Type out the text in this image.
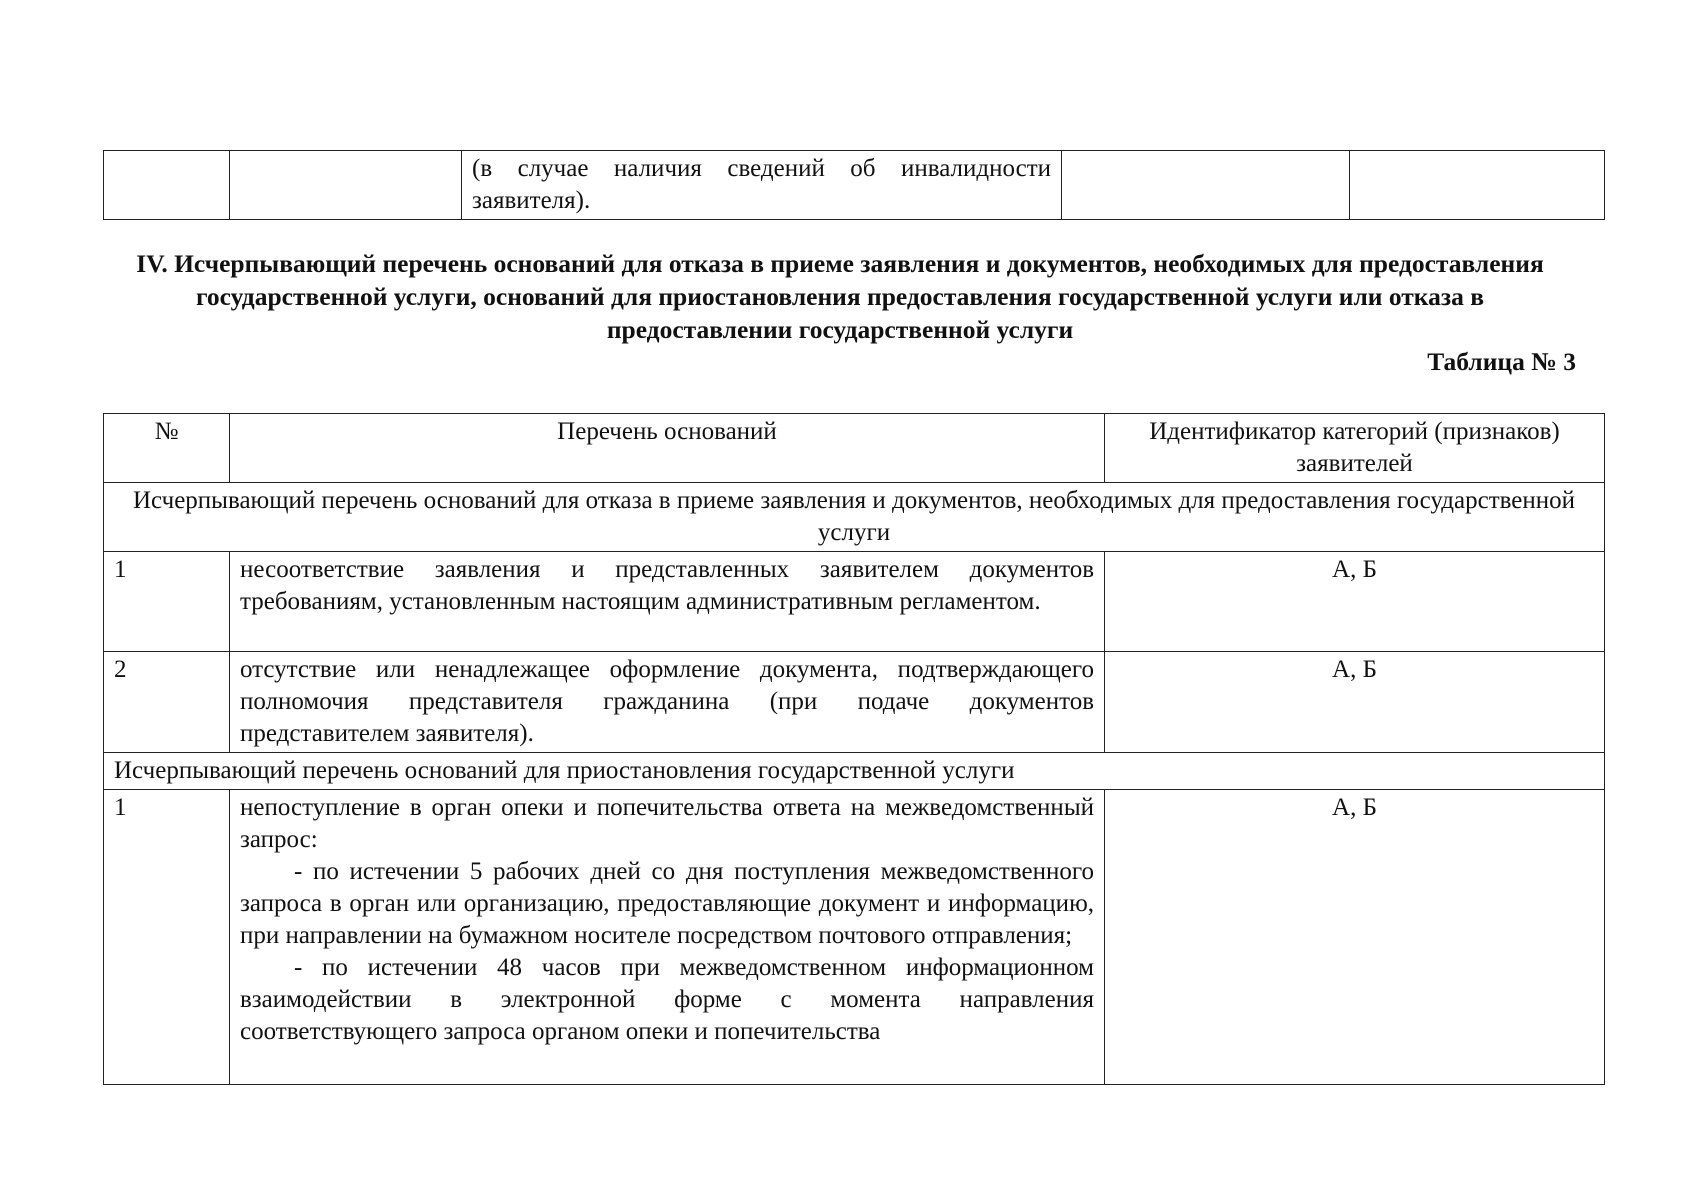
		(в случае наличия сведений об инвалидности заявителя).		
IV. Исчерпывающий перечень оснований для отказа в приеме заявления и документов, необходимых для предоставления государственной услуги, оснований для приостановления предоставления государственной услуги или отказа в предоставлении государственной услуги
Таблица № 3
№	Перечень оснований	Идентификатор категорий (признаков) заявителей
Исчерпывающий перечень оснований для отказа в приеме заявления и документов, необходимых для предоставления государственной услуги		
1	несоответствие заявления и представленных заявителем документов требованиям, установленным настоящим административным регламентом.	А, Б
2	отсутствие или ненадлежащее оформление документа, подтверждающего полномочия представителя гражданина (при подаче документов представителем заявителя).	А, Б
Исчерпывающий перечень оснований для приостановления государственной услуги		
1	непоступление в орган опеки и попечительства ответа на межведомственный запрос:
- по истечении 5 рабочих дней со дня поступления межведомственного запроса в орган или организацию, предоставляющие документ и информацию, при направлении на бумажном носителе посредством почтового отправления;
- по истечении 48 часов при межведомственном информационном взаимодействии в электронной форме с момента направления соответствующего запроса органом опеки и попечительства	А, Б
